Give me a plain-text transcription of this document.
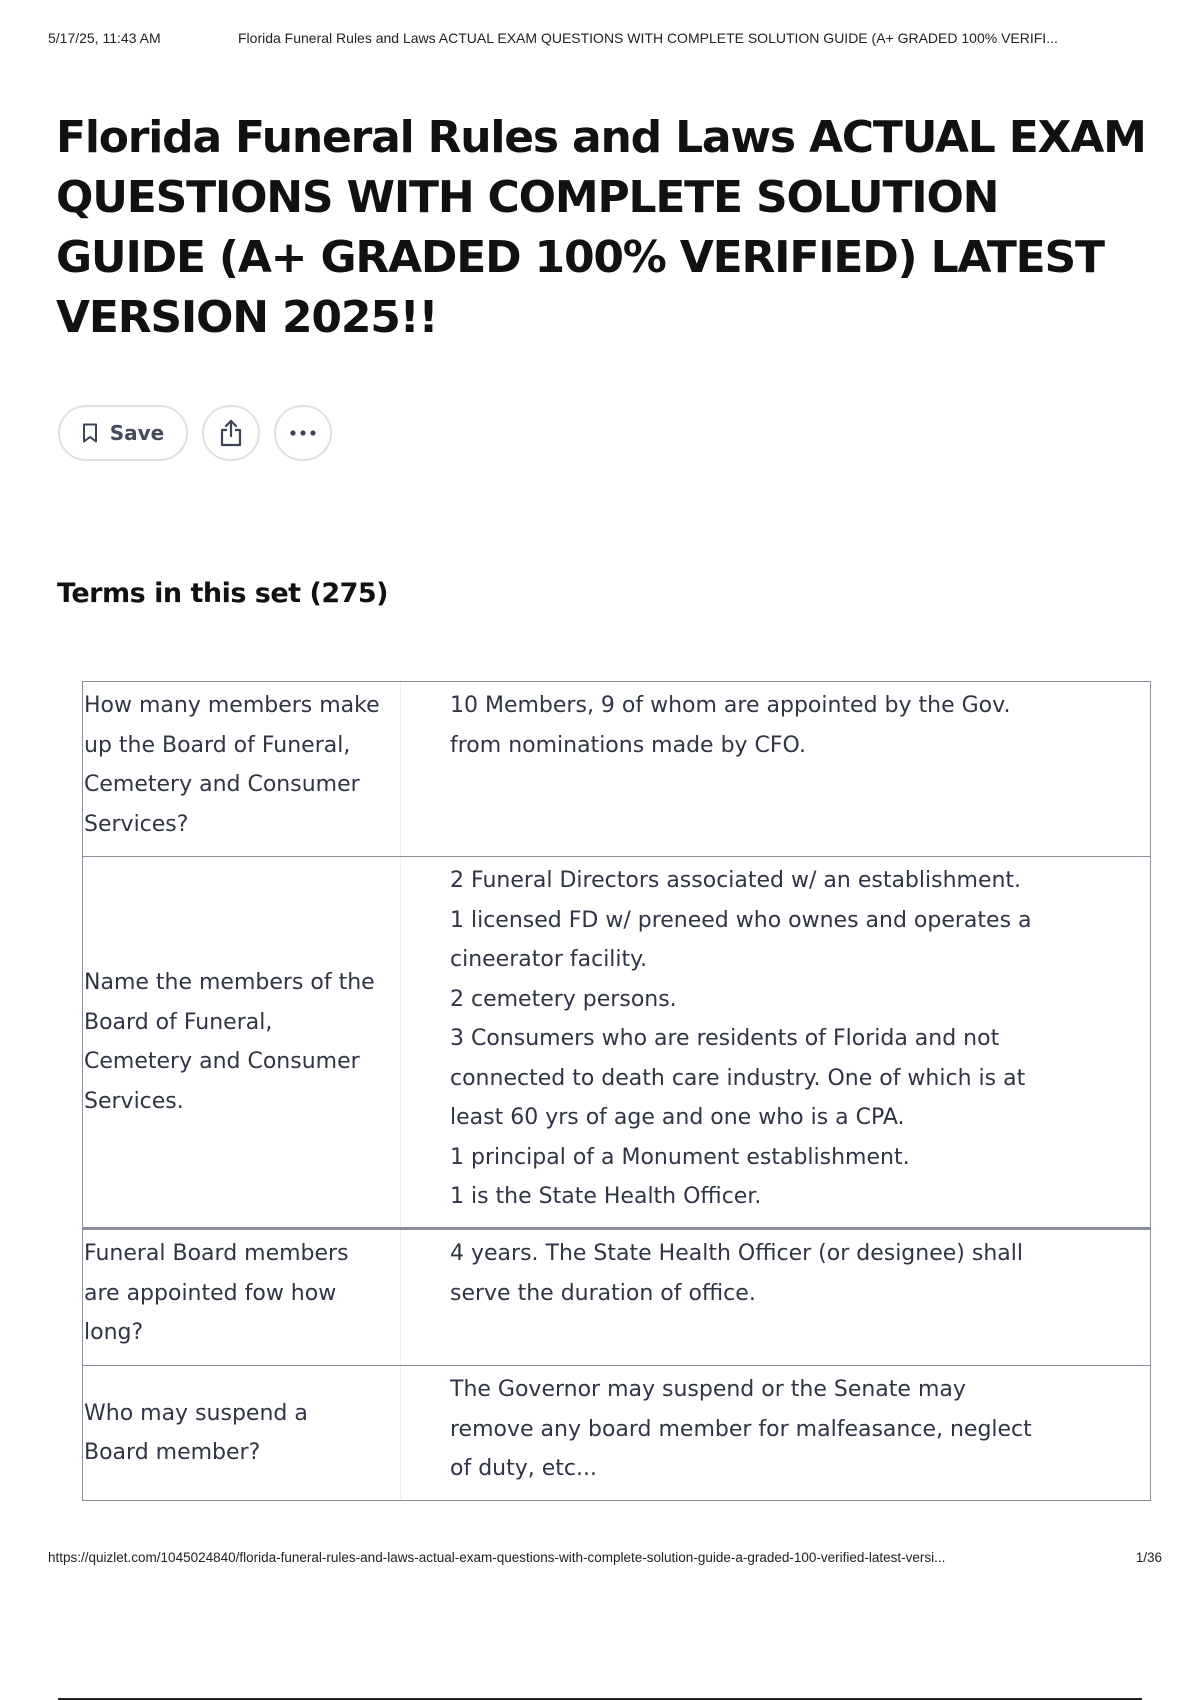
5/17/25, 11:43 AM	Florida Funeral Rules and Laws ACTUAL EXAM QUESTIONS WITH COMPLETE SOLUTION GUIDE (A+ GRADED 100% VERIFI...
Florida Funeral Rules and Laws ACTUAL EXAM QUESTIONS WITH COMPLETE SOLUTION GUIDE (A+ GRADED 100% VERIFIED) LATEST VERSION 2025!!
Save
Terms in this set (275)
How many members make
up the Board of Funeral,
Cemetery and Consumer
Services?
10 Members, 9 of whom are appointed by the Gov.
from nominations made by CFO.
Name the members of the
Board of Funeral,
Cemetery and Consumer
Services.
2 Funeral Directors associated w/ an establishment.
1 licensed FD w/ preneed who ownes and operates a
cineerator facility.
2 cemetery persons.
3 Consumers who are residents of Florida and not
connected to death care industry. One of which is at
least 60 yrs of age and one who is a CPA.
1 principal of a Monument establishment.
1 is the State Health Officer.
Funeral Board members
are appointed fow how
long?
4 years. The State Health Officer (or designee) shall
serve the duration of office.
Who may suspend a
Board member?
The Governor may suspend or the Senate may
remove any board member for malfeasance, neglect
of duty, etc...
https://quizlet.com/1045024840/florida-funeral-rules-and-laws-actual-exam-questions-with-complete-solution-guide-a-graded-100-verified-latest-versi...	1/36
